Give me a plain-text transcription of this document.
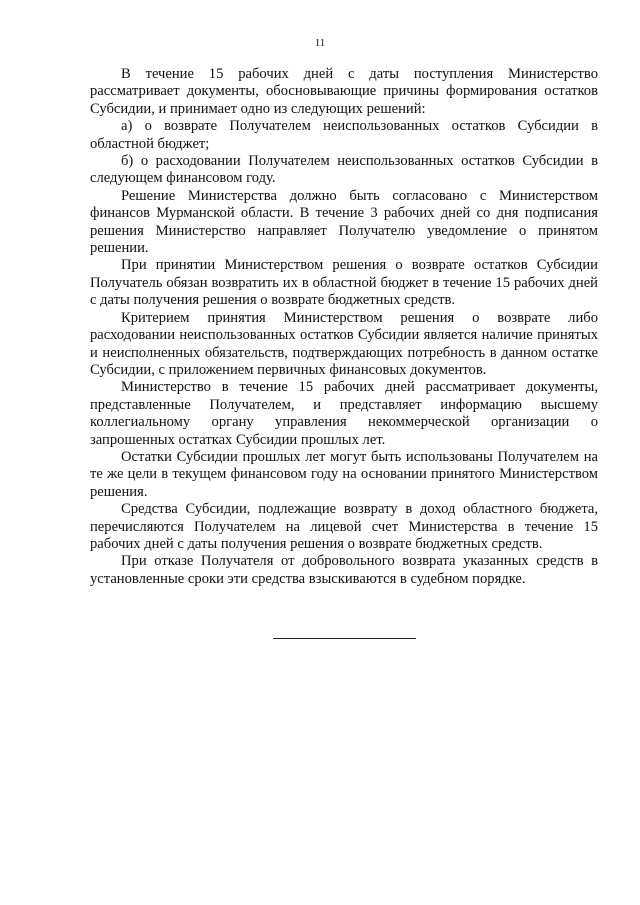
11

В течение 15 рабочих дней с даты поступления Министерство рассматривает документы, обосновывающие причины формирования остатков Субсидии, и принимает одно из следующих решений:

а) о возврате Получателем неиспользованных остатков Субсидии в областной бюджет;

б) о расходовании Получателем неиспользованных остатков Субсидии в следующем финансовом году.

Решение Министерства должно быть согласовано с Министерством финансов Мурманской области. В течение 3 рабочих дней со дня подписания решения Министерство направляет Получателю уведомление о принятом решении.

При принятии Министерством решения о возврате остатков Субсидии Получатель обязан возвратить их в областной бюджет в течение 15 рабочих дней с даты получения решения о возврате бюджетных средств.

Критерием принятия Министерством решения о возврате либо расходовании неиспользованных остатков Субсидии является наличие принятых и неисполненных обязательств, подтверждающих потребность в данном остатке Субсидии, с приложением первичных финансовых документов.

Министерство в течение 15 рабочих дней рассматривает документы, представленные Получателем, и представляет информацию высшему коллегиальному органу управления некоммерческой организации о запрошенных остатках Субсидии прошлых лет.

Остатки Субсидии прошлых лет могут быть использованы Получателем на те же цели в текущем финансовом году на основании принятого Министерством решения.

Средства Субсидии, подлежащие возврату в доход областного бюджета, перечисляются Получателем на лицевой счет Министерства в течение 15 рабочих дней с даты получения решения о возврате бюджетных средств.

При отказе Получателя от добровольного возврата указанных средств в установленные сроки эти средства взыскиваются в судебном порядке.
